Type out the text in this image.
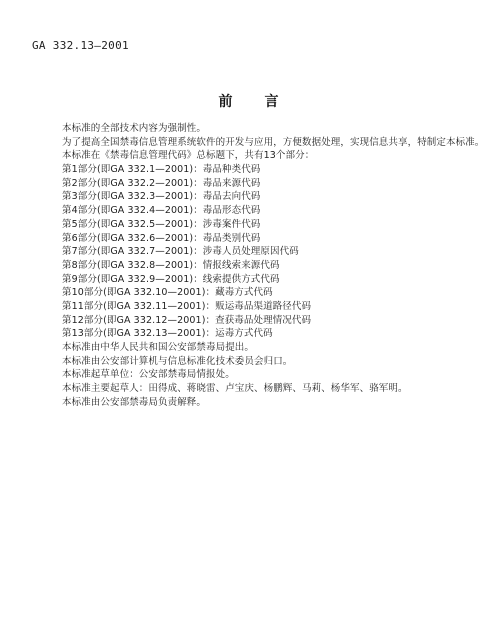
GA 332.13—2001
前言
本标准的全部技术内容为强制性。
为了提高全国禁毒信息管理系统软件的开发与应用，方便数据处理，实现信息共享，特制定本标准。
本标准在《禁毒信息管理代码》总标题下，共有13个部分：
第1部分(即GA 332.1—2001)：毒品种类代码
第2部分(即GA 332.2—2001)：毒品来源代码
第3部分(即GA 332.3—2001)：毒品去向代码
第4部分(即GA 332.4—2001)：毒品形态代码
第5部分(即GA 332.5—2001)：涉毒案件代码
第6部分(即GA 332.6—2001)：毒品类别代码
第7部分(即GA 332.7—2001)：涉毒人员处理原因代码
第8部分(即GA 332.8—2001)：情报线索来源代码
第9部分(即GA 332.9—2001)：线索提供方式代码
第10部分(即GA 332.10—2001)：藏毒方式代码
第11部分(即GA 332.11—2001)：贩运毒品渠道路径代码
第12部分(即GA 332.12—2001)：查获毒品处理情况代码
第13部分(即GA 332.13—2001)：运毒方式代码
本标准由中华人民共和国公安部禁毒局提出。
本标准由公安部计算机与信息标准化技术委员会归口。
本标准起草单位：公安部禁毒局情报处。
本标准主要起草人：田得成、蒋晓雷、卢宝庆、杨鹏辉、马莉、杨华军、骆军明。
本标准由公安部禁毒局负责解释。
